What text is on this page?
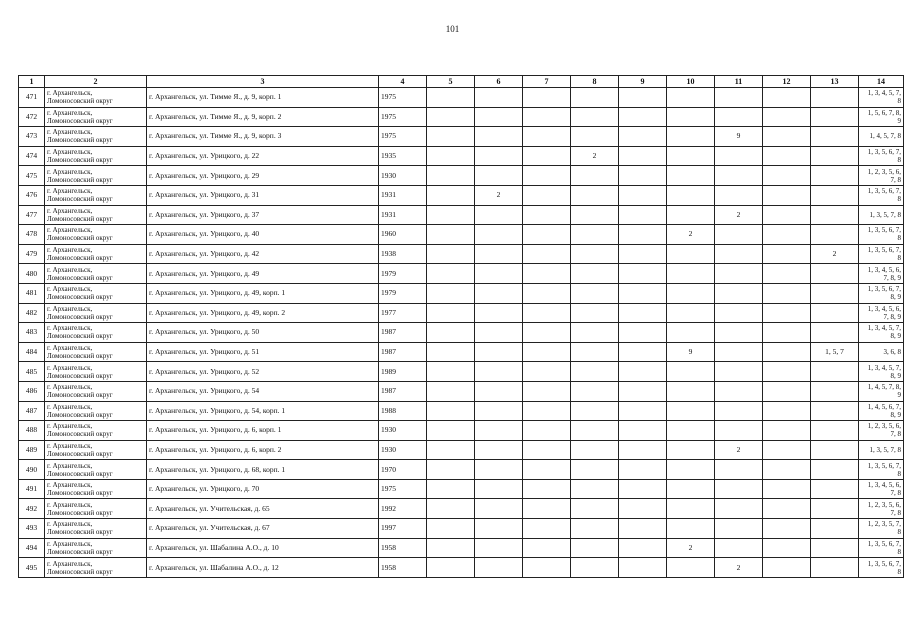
101
1	2	3	4	5	6	7	8	9	10	11	12	13	14
471	г. Архангельск,
Ломоносовский округ	г. Архангельск, ул. Тимме Я., д. 9, корп. 1	1975										1, 3, 4, 5, 7,
8
472	г. Архангельск,
Ломоносовский округ	г. Архангельск, ул. Тимме Я., д. 9, корп. 2	1975										1, 5, 6, 7, 8,
9
473	г. Архангельск,
Ломоносовский округ	г. Архангельск, ул. Тимме Я., д. 9, корп. 3	1975							9			1, 4, 5, 7, 8
474	г. Архангельск,
Ломоносовский округ	г. Архангельск, ул. Урицкого, д. 22	1935				2						1, 3, 5, 6, 7,
8
475	г. Архангельск,
Ломоносовский округ	г. Архангельск, ул. Урицкого, д. 29	1930										1, 2, 3, 5, 6,
7, 8
476	г. Архангельск,
Ломоносовский округ	г. Архангельск, ул. Урицкого, д. 31	1931		2								1, 3, 5, 6, 7,
8
477	г. Архангельск,
Ломоносовский округ	г. Архангельск, ул. Урицкого, д. 37	1931							2			1, 3, 5, 7, 8
478	г. Архангельск,
Ломоносовский округ	г. Архангельск, ул. Урицкого, д. 40	1960						2				1, 3, 5, 6, 7,
8
479	г. Архангельск,
Ломоносовский округ	г. Архангельск, ул. Урицкого, д. 42	1938									2	1, 3, 5, 6, 7,
8
480	г. Архангельск,
Ломоносовский округ	г. Архангельск, ул. Урицкого, д. 49	1979										1, 3, 4, 5, 6,
7, 8, 9
481	г. Архангельск,
Ломоносовский округ	г. Архангельск, ул. Урицкого, д. 49, корп. 1	1979										1, 3, 5, 6, 7,
8, 9
482	г. Архангельск,
Ломоносовский округ	г. Архангельск, ул. Урицкого, д. 49, корп. 2	1977										1, 3, 4, 5, 6,
7, 8, 9
483	г. Архангельск,
Ломоносовский округ	г. Архангельск, ул. Урицкого, д. 50	1987										1, 3, 4, 5, 7,
8, 9
484	г. Архангельск,
Ломоносовский округ	г. Архангельск, ул. Урицкого, д. 51	1987						9			1, 5, 7	3, 6, 8
485	г. Архангельск,
Ломоносовский округ	г. Архангельск, ул. Урицкого, д. 52	1989										1, 3, 4, 5, 7,
8, 9
486	г. Архангельск,
Ломоносовский округ	г. Архангельск, ул. Урицкого, д. 54	1987										1, 4, 5, 7, 8,
9
487	г. Архангельск,
Ломоносовский округ	г. Архангельск, ул. Урицкого, д. 54, корп. 1	1988										1, 4, 5, 6, 7,
8, 9
488	г. Архангельск,
Ломоносовский округ	г. Архангельск, ул. Урицкого, д. 6, корп. 1	1930										1, 2, 3, 5, 6,
7, 8
489	г. Архангельск,
Ломоносовский округ	г. Архангельск, ул. Урицкого, д. 6, корп. 2	1930							2			1, 3, 5, 7, 8
490	г. Архангельск,
Ломоносовский округ	г. Архангельск, ул. Урицкого, д. 68, корп. 1	1970										1, 3, 5, 6, 7,
8
491	г. Архангельск,
Ломоносовский округ	г. Архангельск, ул. Урицкого, д. 70	1975										1, 3, 4, 5, 6,
7, 8
492	г. Архангельск,
Ломоносовский округ	г. Архангельск, ул. Учительская, д. 65	1992										1, 2, 3, 5, 6,
7, 8
493	г. Архангельск,
Ломоносовский округ	г. Архангельск, ул. Учительская, д. 67	1997										1, 2, 3, 5, 7,
8
494	г. Архангельск,
Ломоносовский округ	г. Архангельск, ул. Шабалина А.О., д. 10	1958						2				1, 3, 5, 6, 7,
8
495	г. Архангельск,
Ломоносовский округ	г. Архангельск, ул. Шабалина А.О., д. 12	1958							2			1, 3, 5, 6, 7,
8
